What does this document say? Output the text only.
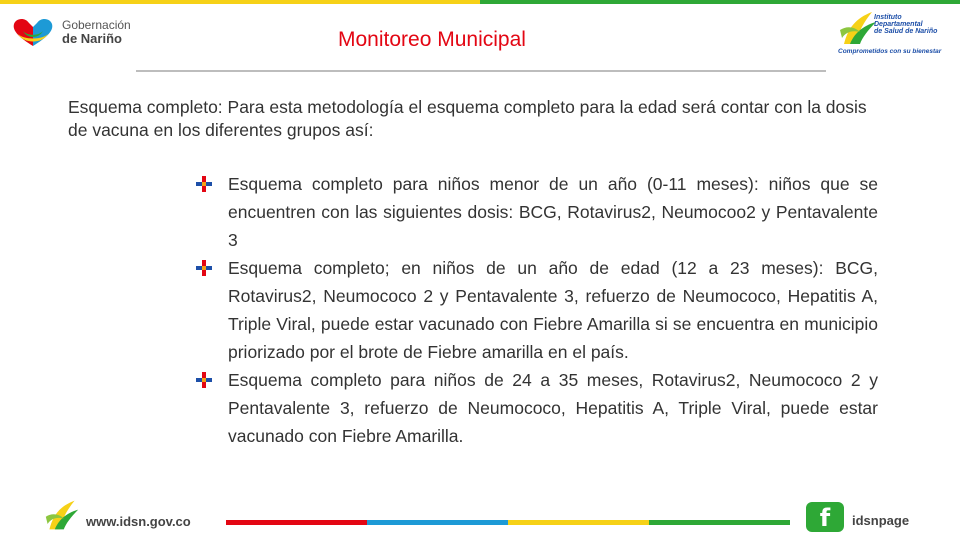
Gobernación
de Nariño	Monitoreo Municipal
Instituto
Departamental
de Salud de Nariño
Comprometidos con su bienestar
Esquema completo: Para esta metodología el esquema completo para la edad será contar con la dosis de vacuna en los diferentes grupos así:
Esquema completo para niños menor de un año (0-11 meses): niños que se encuentren con las siguientes dosis: BCG, Rotavirus2, Neumocoo2 y Pentavalente 3
Esquema completo; en niños de un año de edad (12 a 23 meses): BCG, Rotavirus2, Neumococo 2 y Pentavalente 3, refuerzo de Neumococo, Hepatitis A, Triple Viral, puede estar vacunado con Fiebre Amarilla si se encuentra en municipio priorizado por el brote de Fiebre amarilla en el país.
Esquema completo para niños de 24 a 35 meses, Rotavirus2, Neumococo 2 y Pentavalente 3, refuerzo de Neumococo, Hepatitis A, Triple Viral, puede estar vacunado con Fiebre Amarilla.
www.idsn.gov.co	f	idsnpage
